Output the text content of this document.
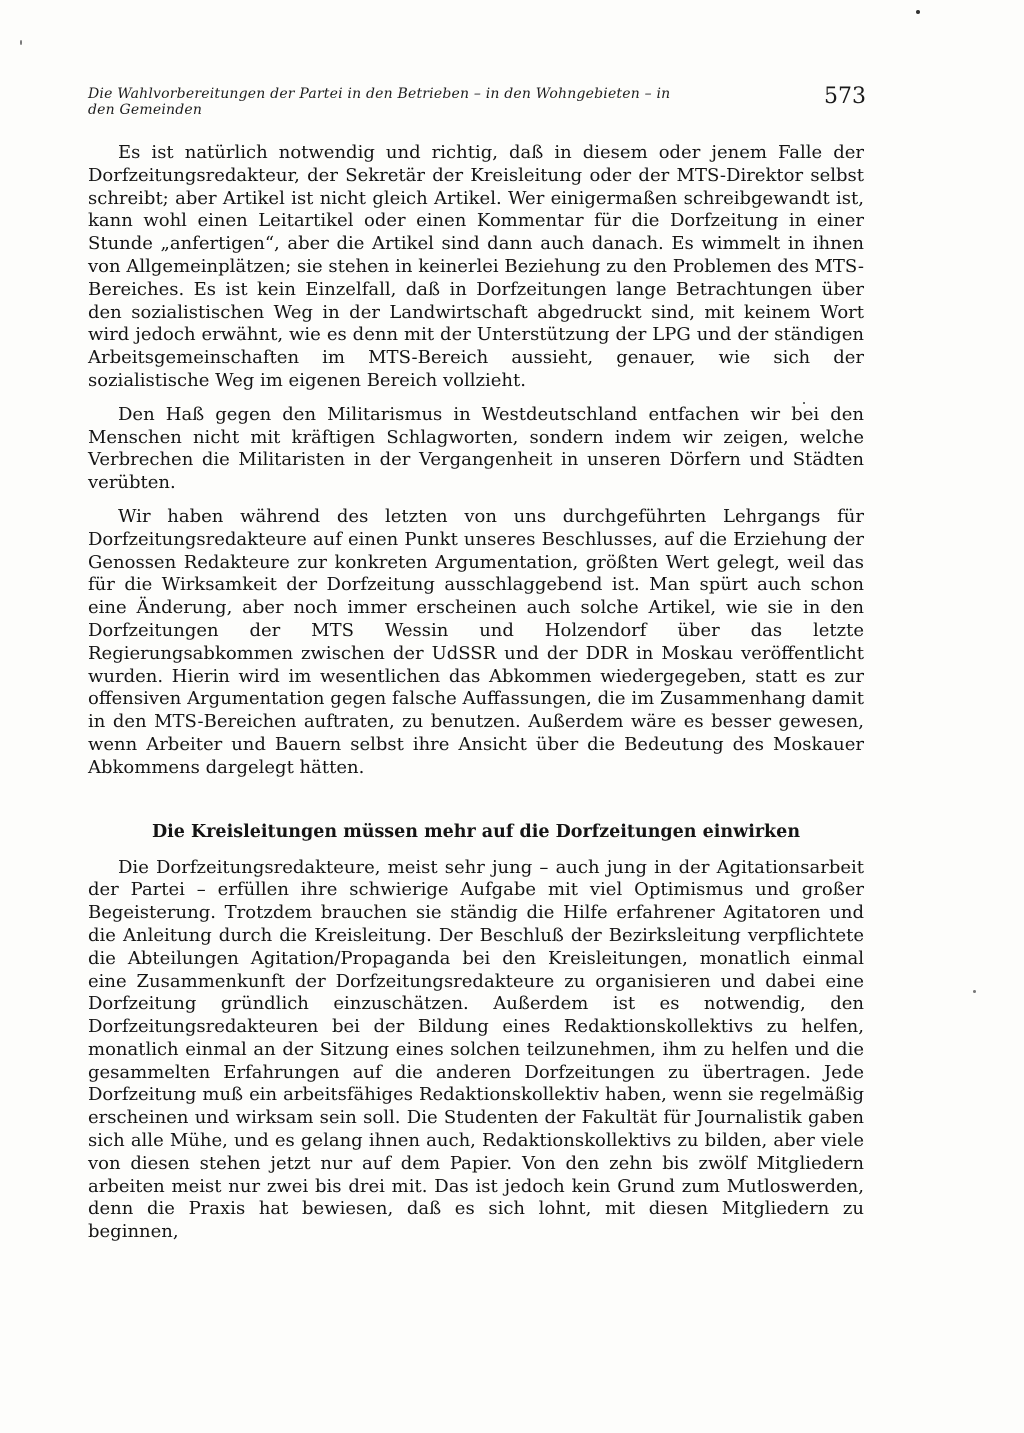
Die Wahlvorbereitungen der Partei in den Betrieben – in den Wohngebieten – in den Gemeinden
573

Es ist natürlich notwendig und richtig, daß in diesem oder jenem Falle der Dorfzeitungsredakteur, der Sekretär der Kreisleitung oder der MTS-Direktor selbst schreibt; aber Artikel ist nicht gleich Artikel. Wer einigermaßen schreibgewandt ist, kann wohl einen Leitartikel oder einen Kommentar für die Dorfzeitung in einer Stunde „anfertigen“, aber die Artikel sind dann auch danach. Es wimmelt in ihnen von Allgemeinplätzen; sie stehen in keinerlei Beziehung zu den Problemen des MTS-Bereiches. Es ist kein Einzelfall, daß in Dorfzeitungen lange Betrachtungen über den sozialistischen Weg in der Landwirtschaft abgedruckt sind, mit keinem Wort wird jedoch erwähnt, wie es denn mit der Unterstützung der LPG und der ständigen Arbeitsgemeinschaften im MTS-Bereich aussieht, genauer, wie sich der sozialistische Weg im eigenen Bereich vollzieht.

Den Haß gegen den Militarismus in Westdeutschland entfachen wir bei den Menschen nicht mit kräftigen Schlagworten, sondern indem wir zeigen, welche Verbrechen die Militaristen in der Vergangenheit in unseren Dörfern und Städten verübten.

Wir haben während des letzten von uns durchgeführten Lehrgangs für Dorfzeitungsredakteure auf einen Punkt unseres Beschlusses, auf die Erziehung der Genossen Redakteure zur konkreten Argumentation, größten Wert gelegt, weil das für die Wirksamkeit der Dorfzeitung ausschlaggebend ist. Man spürt auch schon eine Änderung, aber noch immer erscheinen auch solche Artikel, wie sie in den Dorfzeitungen der MTS Wessin und Holzendorf über das letzte Regierungsabkommen zwischen der UdSSR und der DDR in Moskau veröffentlicht wurden. Hierin wird im wesentlichen das Abkommen wiedergegeben, statt es zur offensiven Argumentation gegen falsche Auffassungen, die im Zusammenhang damit in den MTS-Bereichen auftraten, zu benutzen. Außerdem wäre es besser gewesen, wenn Arbeiter und Bauern selbst ihre Ansicht über die Bedeutung des Moskauer Abkommens dargelegt hätten.

Die Kreisleitungen müssen mehr auf die Dorfzeitungen einwirken

Die Dorfzeitungsredakteure, meist sehr jung – auch jung in der Agitationsarbeit der Partei – erfüllen ihre schwierige Aufgabe mit viel Optimismus und großer Begeisterung. Trotzdem brauchen sie ständig die Hilfe erfahrener Agitatoren und die Anleitung durch die Kreisleitung. Der Beschluß der Bezirksleitung verpflichtete die Abteilungen Agitation/Propaganda bei den Kreisleitungen, monatlich einmal eine Zusammenkunft der Dorfzeitungsredakteure zu organisieren und dabei eine Dorfzeitung gründlich einzuschätzen. Außerdem ist es notwendig, den Dorfzeitungsredakteuren bei der Bildung eines Redaktionskollektivs zu helfen, monatlich einmal an der Sitzung eines solchen teilzunehmen, ihm zu helfen und die gesammelten Erfahrungen auf die anderen Dorfzeitungen zu übertragen. Jede Dorfzeitung muß ein arbeitsfähiges Redaktionskollektiv haben, wenn sie regelmäßig erscheinen und wirksam sein soll. Die Studenten der Fakultät für Journalistik gaben sich alle Mühe, und es gelang ihnen auch, Redaktionskollektivs zu bilden, aber viele von diesen stehen jetzt nur auf dem Papier. Von den zehn bis zwölf Mitgliedern arbeiten meist nur zwei bis drei mit. Das ist jedoch kein Grund zum Mutloswerden, denn die Praxis hat bewiesen, daß es sich lohnt, mit diesen Mitgliedern zu beginnen,
